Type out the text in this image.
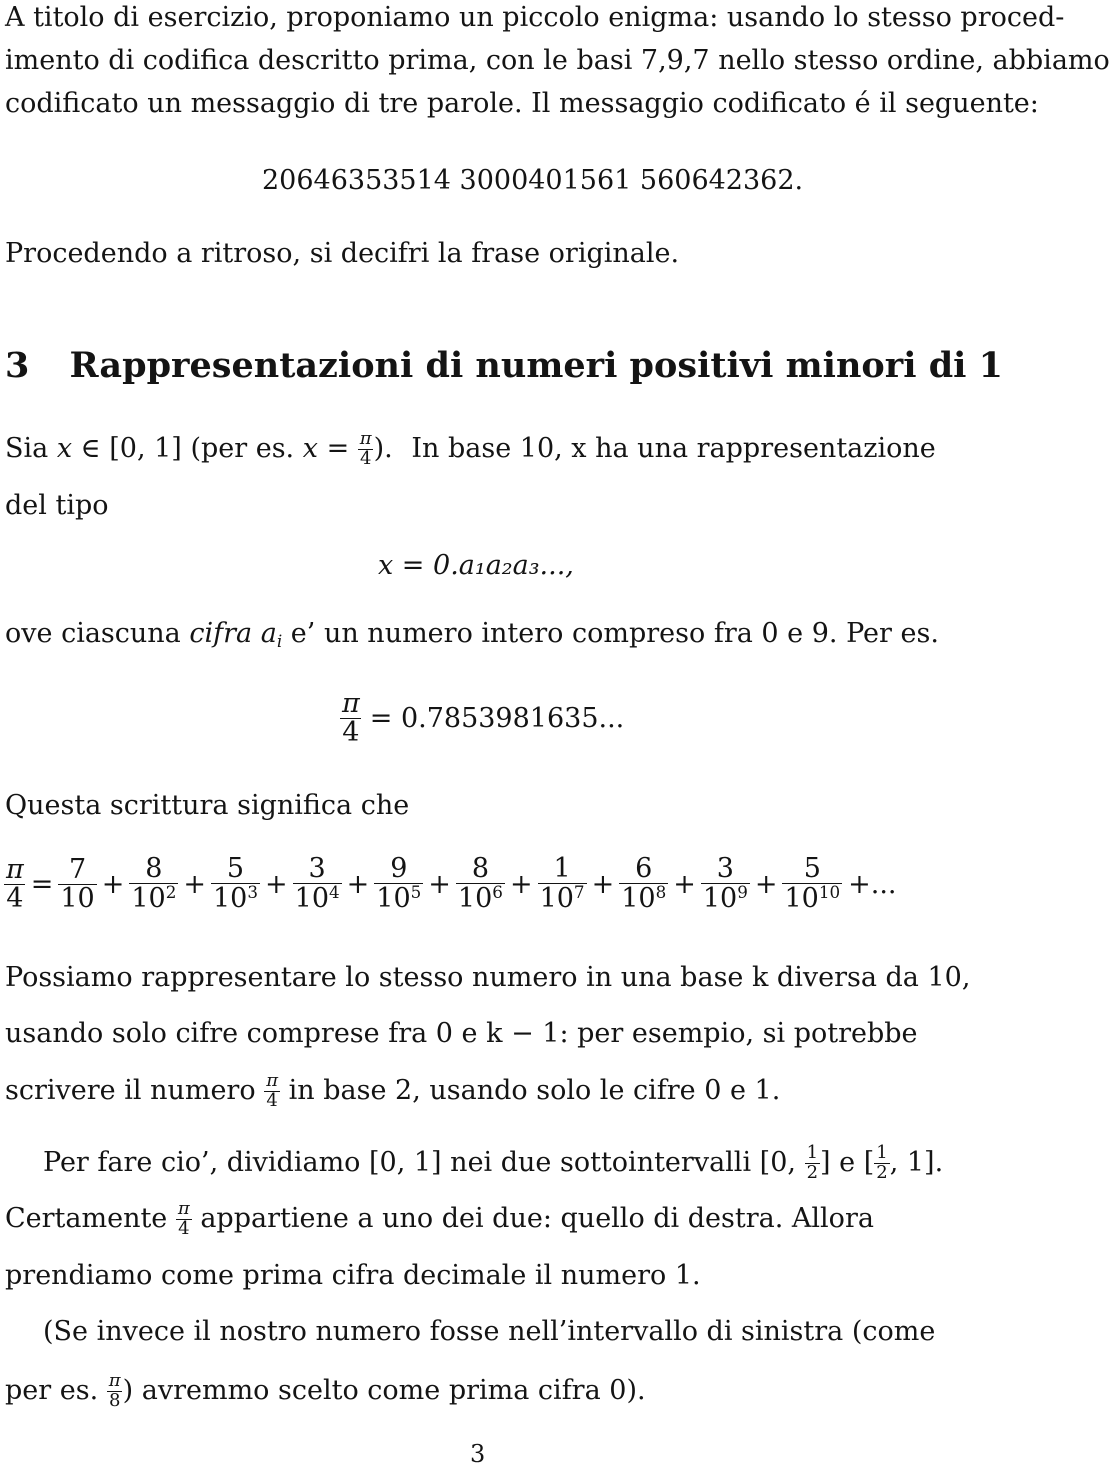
A titolo di esercizio, proponiamo un piccolo enigma: usando lo stesso proced-
imento di codifica descritto prima, con le basi 7,9,7 nello stesso ordine, abbiamo
codificato un messaggio di tre parole. Il messaggio codificato é il seguente:
20646353514 3000401561 560642362.
Procedendo a ritroso, si decifri la frase originale.
3 Rappresentazioni di numeri positivi minori di 1
Sia x ∈ [0, 1] (per es. $x = \frac{\pi}{4}$ ). In base 10, x ha una rappresentazione
del tipo
x = 0.a₁a₂a₃...,
ove ciascuna cifra $a_i$ e’ un numero intero compreso fra 0 e 9. Per es.
$\frac{\pi}{4} = 0.7853981635$...
Questa scrittura significa che
$\frac{\pi}{4} = \frac{7}{10} + \frac{8}{10^2} + \frac{5}{10^3} + \frac{3}{10^4} + \frac{9}{10^5} + \frac{8}{10^6} + \frac{1}{10^7} + \frac{6}{10^8} + \frac{3}{10^9} + \frac{5}{10^{10}}$ +...
Possiamo rappresentare lo stesso numero in una base k diversa da 10,
usando solo cifre comprese fra 0 e k − 1: per esempio, si potrebbe
scrivere il numero $\frac{\pi}{4}$ in base 2, usando solo le cifre 0 e 1.
Per fare cio’, dividiamo [0, 1] nei due sottointervalli [0, $\frac{1}{2}$ ] e [ $\frac{1}{2}$ , 1].
Certamente $\frac{\pi}{4}$ appartiene a uno dei due: quello di destra. Allora
prendiamo come prima cifra decimale il numero 1.
(Se invece il nostro numero fosse nell’intervallo di sinistra (come
per es. $\frac{\pi}{8}$ ) avremmo scelto come prima cifra 0).
3
